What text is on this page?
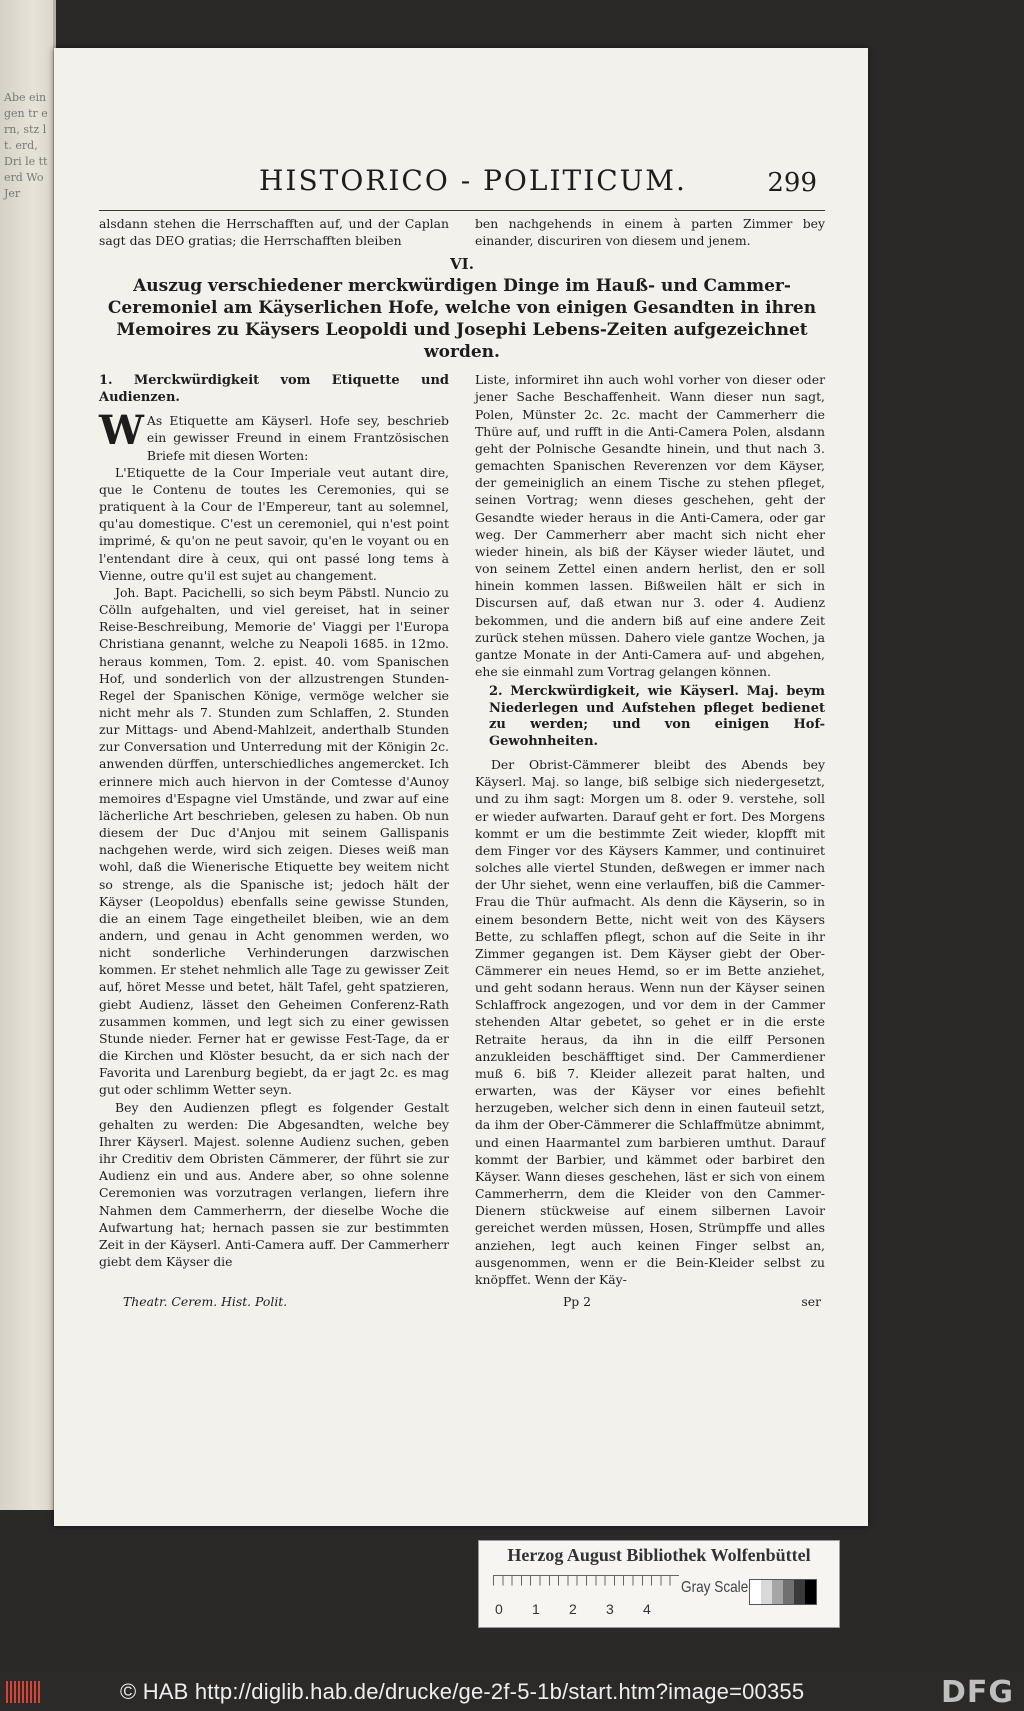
Abe ein gen tr ern, stz lt. erd, Dri le tt erd Wo Jer	HISTORICO - POLITICUM.	299
alsdann stehen die Herrschafften auf, und der Caplan sagt das DEO gratias; die Herrschafften bleiben
ben nachgehends in einem à parten Zimmer bey einander, discuriren von diesem und jenem.
VI.
Auszug verschiedener merckwürdigen Dinge im Hauß- und Cammer-Ceremoniel am Käyserlichen Hofe, welche von einigen Gesandten in ihren Memoires zu Käysers Leopoldi und Josephi Lebens-Zeiten aufgezeichnet worden.
1. Merckwürdigkeit vom Etiquette und Audienzen.

W As Etiquette am Käyserl. Hofe sey, beschrieb ein gewisser Freund in einem Frantzösischen Briefe mit diesen Worten:

L'Etiquette de la Cour Imperiale veut autant dire, que le Contenu de toutes les Ceremonies, qui se pratiquent à la Cour de l'Empereur, tant au solemnel, qu'au domestique. C'est un ceremoniel, qui n'est point imprimé, & qu'on ne peut savoir, qu'en le voyant ou en l'entendant dire à ceux, qui ont passé long tems à Vienne, outre qu'il est sujet au changement.

Joh. Bapt. Pacichelli, so sich beym Päbstl. Nuncio zu Cölln aufgehalten, und viel gereiset, hat in seiner Reise-Beschreibung, Memorie de' Viaggi per l'Europa Christiana genannt, welche zu Neapoli 1685. in 12mo. heraus kommen, Tom. 2. epist. 40. vom Spanischen Hof, und sonderlich von der allzustrengen Stunden-Regel der Spanischen Könige, vermöge welcher sie nicht mehr als 7. Stunden zum Schlaffen, 2. Stunden zur Mittags- und Abend-Mahlzeit, anderthalb Stunden zur Conversation und Unterredung mit der Königin 2c. anwenden dürffen, unterschiedliches angemercket. Ich erinnere mich auch hiervon in der Comtesse d'Aunoy memoires d'Espagne viel Umstände, und zwar auf eine lächerliche Art beschrieben, gelesen zu haben. Ob nun diesem der Duc d'Anjou mit seinem Gallispanis nachgehen werde, wird sich zeigen. Dieses weiß man wohl, daß die Wienerische Etiquette bey weitem nicht so strenge, als die Spanische ist; jedoch hält der Käyser (Leopoldus) ebenfalls seine gewisse Stunden, die an einem Tage eingetheilet bleiben, wie an dem andern, und genau in Acht genommen werden, wo nicht sonderliche Verhinderungen darzwischen kommen. Er stehet nehmlich alle Tage zu gewisser Zeit auf, höret Messe und betet, hält Tafel, geht spatzieren, giebt Audienz, lässet den Geheimen Conferenz-Rath zusammen kommen, und legt sich zu einer gewissen Stunde nieder. Ferner hat er gewisse Fest-Tage, da er die Kirchen und Klöster besucht, da er sich nach der Favorita und Larenburg begiebt, da er jagt 2c. es mag gut oder schlimm Wetter seyn.

Bey den Audienzen pflegt es folgender Gestalt gehalten zu werden: Die Abgesandten, welche bey Ihrer Käyserl. Majest. solenne Audienz suchen, geben ihr Creditiv dem Obristen Cämmerer, der führt sie zur Audienz ein und aus. Andere aber, so ohne solenne Ceremonien was vorzutragen verlangen, liefern ihre Nahmen dem Cammerherrn, der dieselbe Woche die Aufwartung hat; hernach passen sie zur bestimmten Zeit in der Käyserl. Anti-Camera auff. Der Cammerherr giebt dem Käyser die

Liste, informiret ihn auch wohl vorher von dieser oder jener Sache Beschaffenheit. Wann dieser nun sagt, Polen, Münster 2c. 2c. macht der Cammerherr die Thüre auf, und rufft in die Anti-Camera Polen, alsdann geht der Polnische Gesandte hinein, und thut nach 3. gemachten Spanischen Reverenzen vor dem Käyser, der gemeiniglich an einem Tische zu stehen pfleget, seinen Vortrag; wenn dieses geschehen, geht der Gesandte wieder heraus in die Anti-Camera, oder gar weg. Der Cammerherr aber macht sich nicht eher wieder hinein, als biß der Käyser wieder läutet, und von seinem Zettel einen andern herlist, den er soll hinein kommen lassen. Bißweilen hält er sich in Discursen auf, daß etwan nur 3. oder 4. Audienz bekommen, und die andern biß auf eine andere Zeit zurück stehen müssen. Dahero viele gantze Wochen, ja gantze Monate in der Anti-Camera auf- und abgehen, ehe sie einmahl zum Vortrag gelangen können.

2. Merckwürdigkeit, wie Käyserl. Maj. beym Niederlegen und Aufstehen pfleget bedienet zu werden; und von einigen Hof-Gewohnheiten.

Der Obrist-Cämmerer bleibt des Abends bey Käyserl. Maj. so lange, biß selbige sich niedergesetzt, und zu ihm sagt: Morgen um 8. oder 9. verstehe, soll er wieder aufwarten. Darauf geht er fort. Des Morgens kommt er um die bestimmte Zeit wieder, klopfft mit dem Finger vor des Käysers Kammer, und continuiret solches alle viertel Stunden, deßwegen er immer nach der Uhr siehet, wenn eine verlauffen, biß die Cammer-Frau die Thür aufmacht. Als denn die Käyserin, so in einem besondern Bette, nicht weit von des Käysers Bette, zu schlaffen pflegt, schon auf die Seite in ihr Zimmer gegangen ist. Dem Käyser giebt der Ober-Cämmerer ein neues Hemd, so er im Bette anziehet, und geht sodann heraus. Wenn nun der Käyser seinen Schlaffrock angezogen, und vor dem in der Cammer stehenden Altar gebetet, so gehet er in die erste Retraite heraus, da ihn in die eilff Personen anzukleiden beschäfftiget sind. Der Cammerdiener muß 6. biß 7. Kleider allezeit parat halten, und erwarten, was der Käyser vor eines befiehlt herzugeben, welcher sich denn in einen fauteuil setzt, da ihm der Ober-Cämmerer die Schlaffmütze abnimmt, und einen Haarmantel zum barbieren umthut. Darauf kommt der Barbier, und kämmet oder barbiret den Käyser. Wann dieses geschehen, läst er sich von einem Cammerherrn, dem die Kleider von den Cammer-Dienern stückweise auf einem silbernen Lavoir gereichet werden müssen, Hosen, Strümpffe und alles anziehen, legt auch keinen Finger selbst an, ausgenommen, wenn er die Bein-Kleider selbst zu knöpffet. Wenn der Käy-

Theatr. Cerem. Hist. Polit.	Pp 2	ser
Herzog August Bibliothek Wolfenbüttel
0 1 2 3 4
Gray Scale
© HAB http://diglib.hab.de/drucke/ge-2f-5-1b/start.htm?image=00355	DFG
